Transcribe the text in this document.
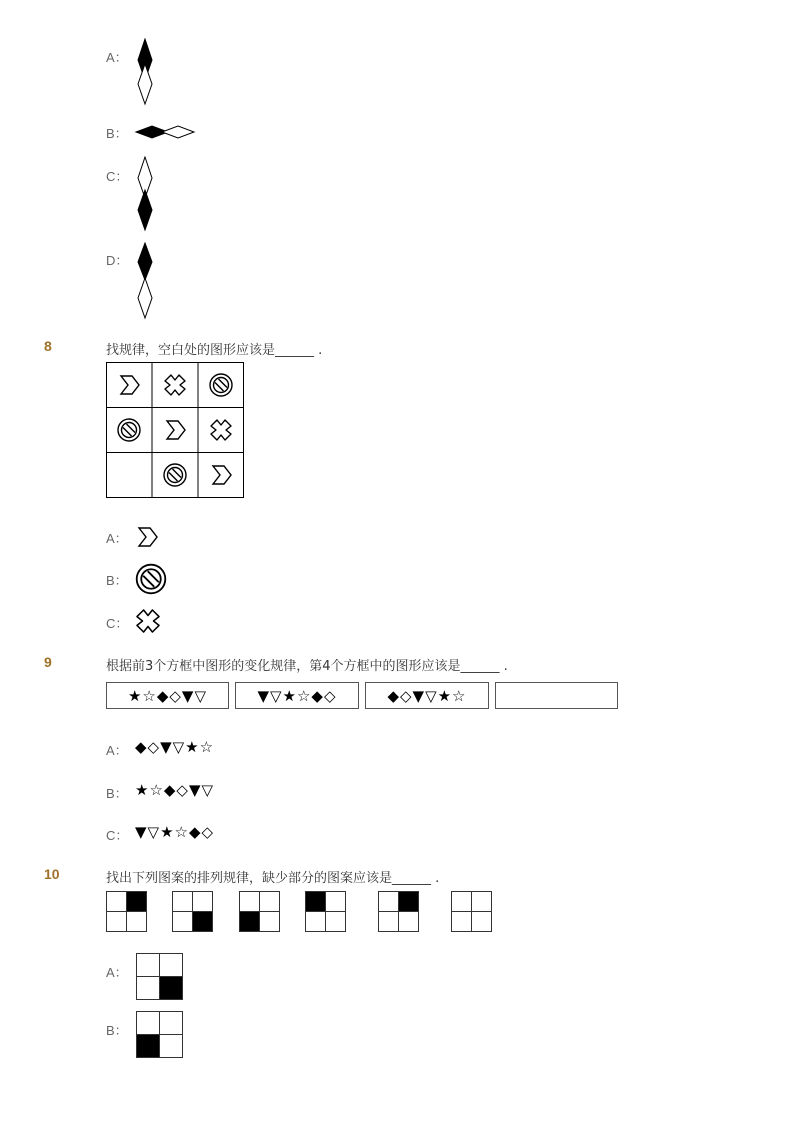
A：
B：
C：
D：
8	找规律，空白处的图形应该是______ .
A：
B：
C：
9	根据前3个方框中图形的变化规律，第4个方框中的图形应该是______ .
★☆◆◇▼▽	▼▽★☆◆◇	◆◇▼▽★☆
A： ◆◇▼▽★☆
B： ★☆◆◇▼▽
C： ▼▽★☆◆◇
10	找出下列图案的排列规律，缺少部分的图案应该是______ .
A：
B：
